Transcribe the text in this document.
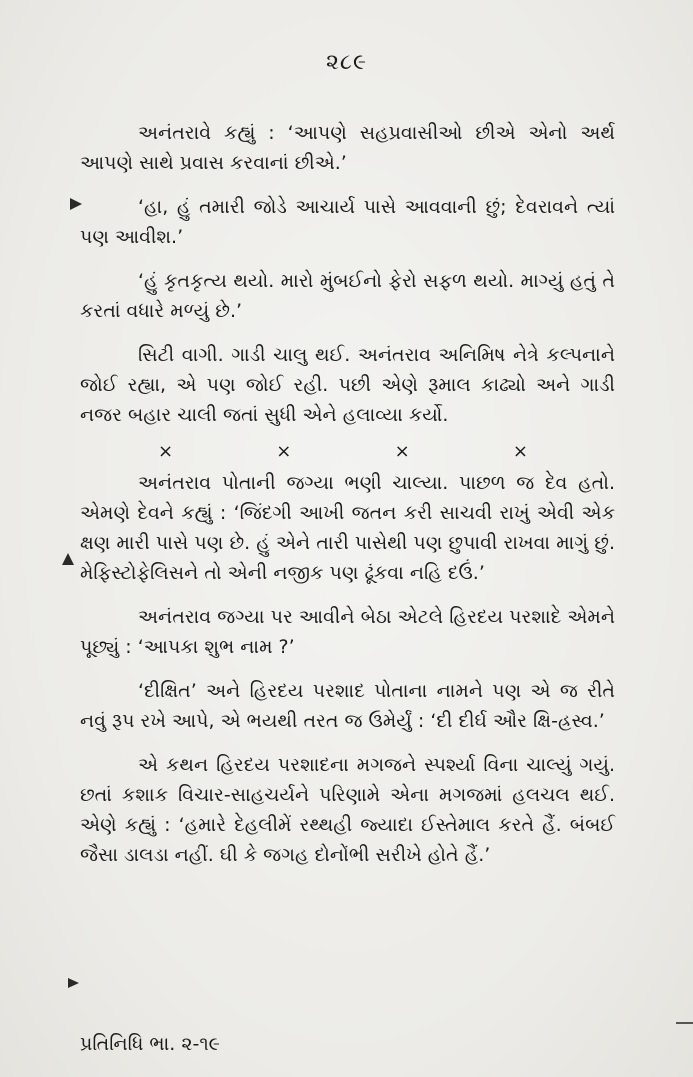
૨૮૯

અનંતરાવે કહ્યું : ‘આપણે સહપ્રવાસીઓ છીએ એનો અર્થ આપણે સાથે પ્રવાસ કરવાનાં છીએ.’

‘હા, હું તમારી જોડે આચાર્ય પાસે આવવાની છું; દેવરાવને ત્યાં પણ આવીશ.’

‘હું કૃતકૃત્ય થયો. મારો મુંબઈનો ફેરો સફળ થયો. માગ્યું હતું તે કરતાં વધારે મળ્યું છે.’

સિટી વાગી. ગાડી ચાલુ થઈ. અનંતરાવ અનિમિષ નેત્રે કલ્પનાને જોઈ રહ્યા, એ પણ જોઈ રહી. પછી એણે રૂમાલ કાઢ્યો અને ગાડી નજર બહાર ચાલી જતાં સુધી એને હલાવ્યા કર્યો.

×	×	×	×

અનંતરાવ પોતાની જગ્યા ભણી ચાલ્યા. પાછળ જ દેવ હતો. એમણે દેવને કહ્યું : ‘જિંદગી આખી જતન કરી સાચવી રાખું એવી એક ક્ષણ મારી પાસે પણ છે. હું એને તારી પાસેથી પણ છુપાવી રાખવા માગું છું. મેફિસ્ટોફેલિસને તો એની નજીક પણ ઢૂંકવા નહિ દઉં.’

અનંતરાવ જગ્યા પર આવીને બેઠા એટલે હિરદય પરશાદે એમને પૂછ્યું : ‘આપકા શુભ નામ ?’

‘દીક્ષિત’ અને હિરદય પરશાદ પોતાના નામને પણ એ જ રીતે નવું રૂપ રખે આપે, એ ભયથી તરત જ ઉમેર્યું : ‘દી દીર્ઘ ઔર ક્ષિ-હ્રસ્વ.’

એ કથન હિરદય પરશાદના મગજને સ્પર્શ્યા વિના ચાલ્યું ગયું. છતાં કશાક વિચાર-સાહચર્યને પરિણામે એના મગજમાં હલચલ થઈ. એણે કહ્યું : ‘હમારે દેહલીમેં રથ્થહી જ્યાદા ઈસ્તેમાલ કરતે હૈં. બંબઈ જૈસા ડાલડા નહીં. ઘી કે જગહ દોનોંભી સરીખે હોતે હૈં.’

પ્રતિનિધિ ભા. ૨-૧૯
